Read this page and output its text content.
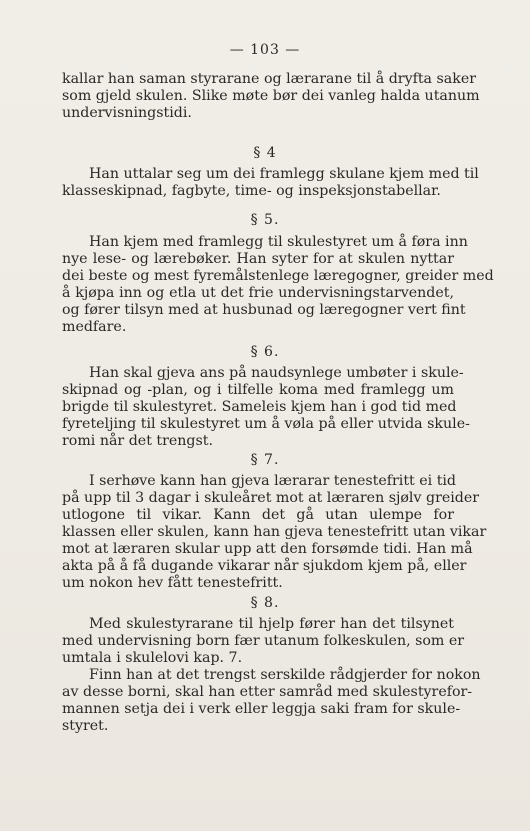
— 103 —
kallar han saman styrarane og lærarane til å dryfta saker
som gjeld skulen. Slike møte bør dei vanleg halda utanum
undervisningstidi.
§ 4
Han uttalar seg um dei framlegg skulane kjem med til
klasseskipnad, fagbyte, time- og inspeksjonstabellar.
§ 5.
Han kjem med framlegg til skulestyret um å føra inn
nye lese- og lærebøker. Han syter for at skulen nyttar
dei beste og mest fyremålstenlege læregogner, greider med
å kjøpa inn og etla ut det frie undervisningstarvendet,
og fører tilsyn med at husbunad og læregogner vert fint
medfare.
§ 6.
Han skal gjeva ans på naudsynlege umbøter i skule-
skipnad og -plan, og i tilfelle koma med framlegg um
brigde til skulestyret. Sameleis kjem han i god tid med
fyreteljing til skulestyret um å vøla på eller utvida skule-
romi når det trengst.
§ 7.
I serhøve kann han gjeva lærarar tenestefritt ei tid
på upp til 3 dagar i skuleåret mot at læraren sjølv greider
utlogone til vikar. Kann det gå utan ulempe for
klassen eller skulen, kann han gjeva tenestefritt utan vikar
mot at læraren skular upp att den forsømde tidi. Han må
akta på å få dugande vikarar når sjukdom kjem på, eller
um nokon hev fått tenestefritt.
§ 8.
Med skulestyrarane til hjelp fører han det tilsynet
med undervisning born fær utanum folkeskulen, som er
umtala i skulelovi kap. 7.
Finn han at det trengst serskilde rådgjerder for nokon
av desse borni, skal han etter samråd med skulestyrefor-
mannen setja dei i verk eller leggja saki fram for skule-
styret.
